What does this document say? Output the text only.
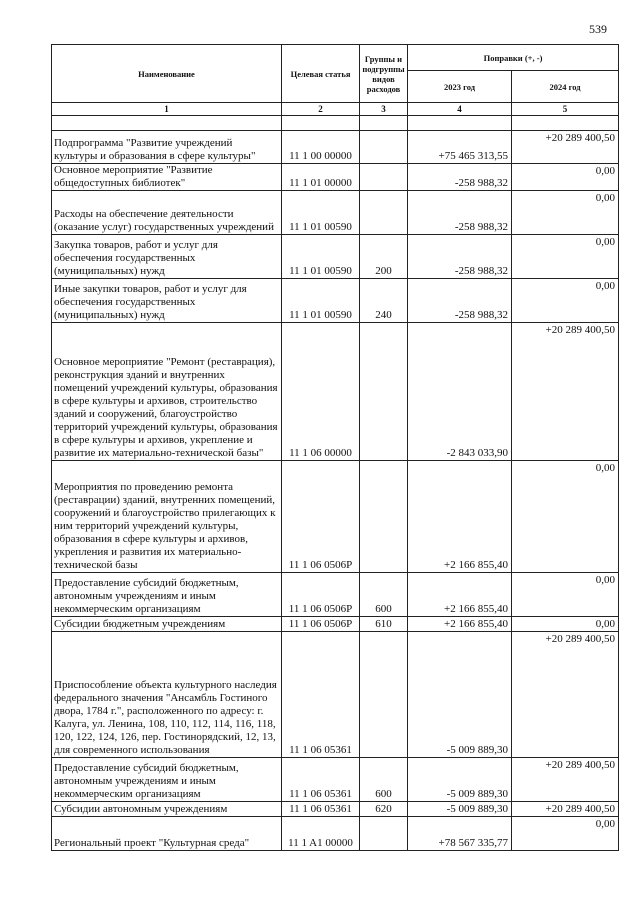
539
Наименование	Целевая статья	Группы и подгруппы видов расходов	Поправки (+, -)	
			2023 год	2024 год
1	2	3	4	5

Подпрограмма "Развитие учреждений культуры и образования в сфере культуры"	11 1 00 00000		+75 465 313,55	+20 289 400,50
Основное мероприятие "Развитие общедоступных библиотек"	11 1 01 00000		-258 988,32	0,00
Расходы на обеспечение деятельности (оказание услуг) государственных учреждений	11 1 01 00590		-258 988,32	0,00
Закупка товаров, работ и услуг для обеспечения государственных (муниципальных) нужд	11 1 01 00590	200	-258 988,32	0,00
Иные закупки товаров, работ и услуг для обеспечения государственных (муниципальных) нужд	11 1 01 00590	240	-258 988,32	0,00
Основное мероприятие "Ремонт (реставрация), реконструкция зданий и внутренних помещений учреждений культуры, образования в сфере культуры и архивов, строительство зданий и сооружений, благоустройство территорий учреждений культуры, образования в сфере культуры и архивов, укрепление и развитие их материально-технической базы"	11 1 06 00000		-2 843 033,90	+20 289 400,50
Мероприятия по проведению ремонта (реставрации) зданий, внутренних помещений, сооружений и благоустройство прилегающих к ним территорий учреждений культуры, образования в сфере культуры и архивов, укрепления и развития их материально-технической базы	11 1 06 0506Р		+2 166 855,40	0,00
Предоставление субсидий бюджетным, автономным учреждениям и иным некоммерческим организациям	11 1 06 0506Р	600	+2 166 855,40	0,00
Субсидии бюджетным учреждениям	11 1 06 0506Р	610	+2 166 855,40	0,00
Приспособление объекта культурного наследия федерального значения "Ансамбль Гостиного двора, 1784 г.", расположенного по адресу: г. Калуга, ул. Ленина, 108, 110, 112, 114, 116, 118, 120, 122, 124, 126, пер. Гостинорядский, 12, 13, для современного использования	11 1 06 05361		-5 009 889,30	+20 289 400,50
Предоставление субсидий бюджетным, автономным учреждениям и иным некоммерческим организациям	11 1 06 05361	600	-5 009 889,30	+20 289 400,50
Субсидии автономным учреждениям	11 1 06 05361	620	-5 009 889,30	+20 289 400,50
Региональный проект "Культурная среда"	11 1 A1 00000		+78 567 335,77	0,00
